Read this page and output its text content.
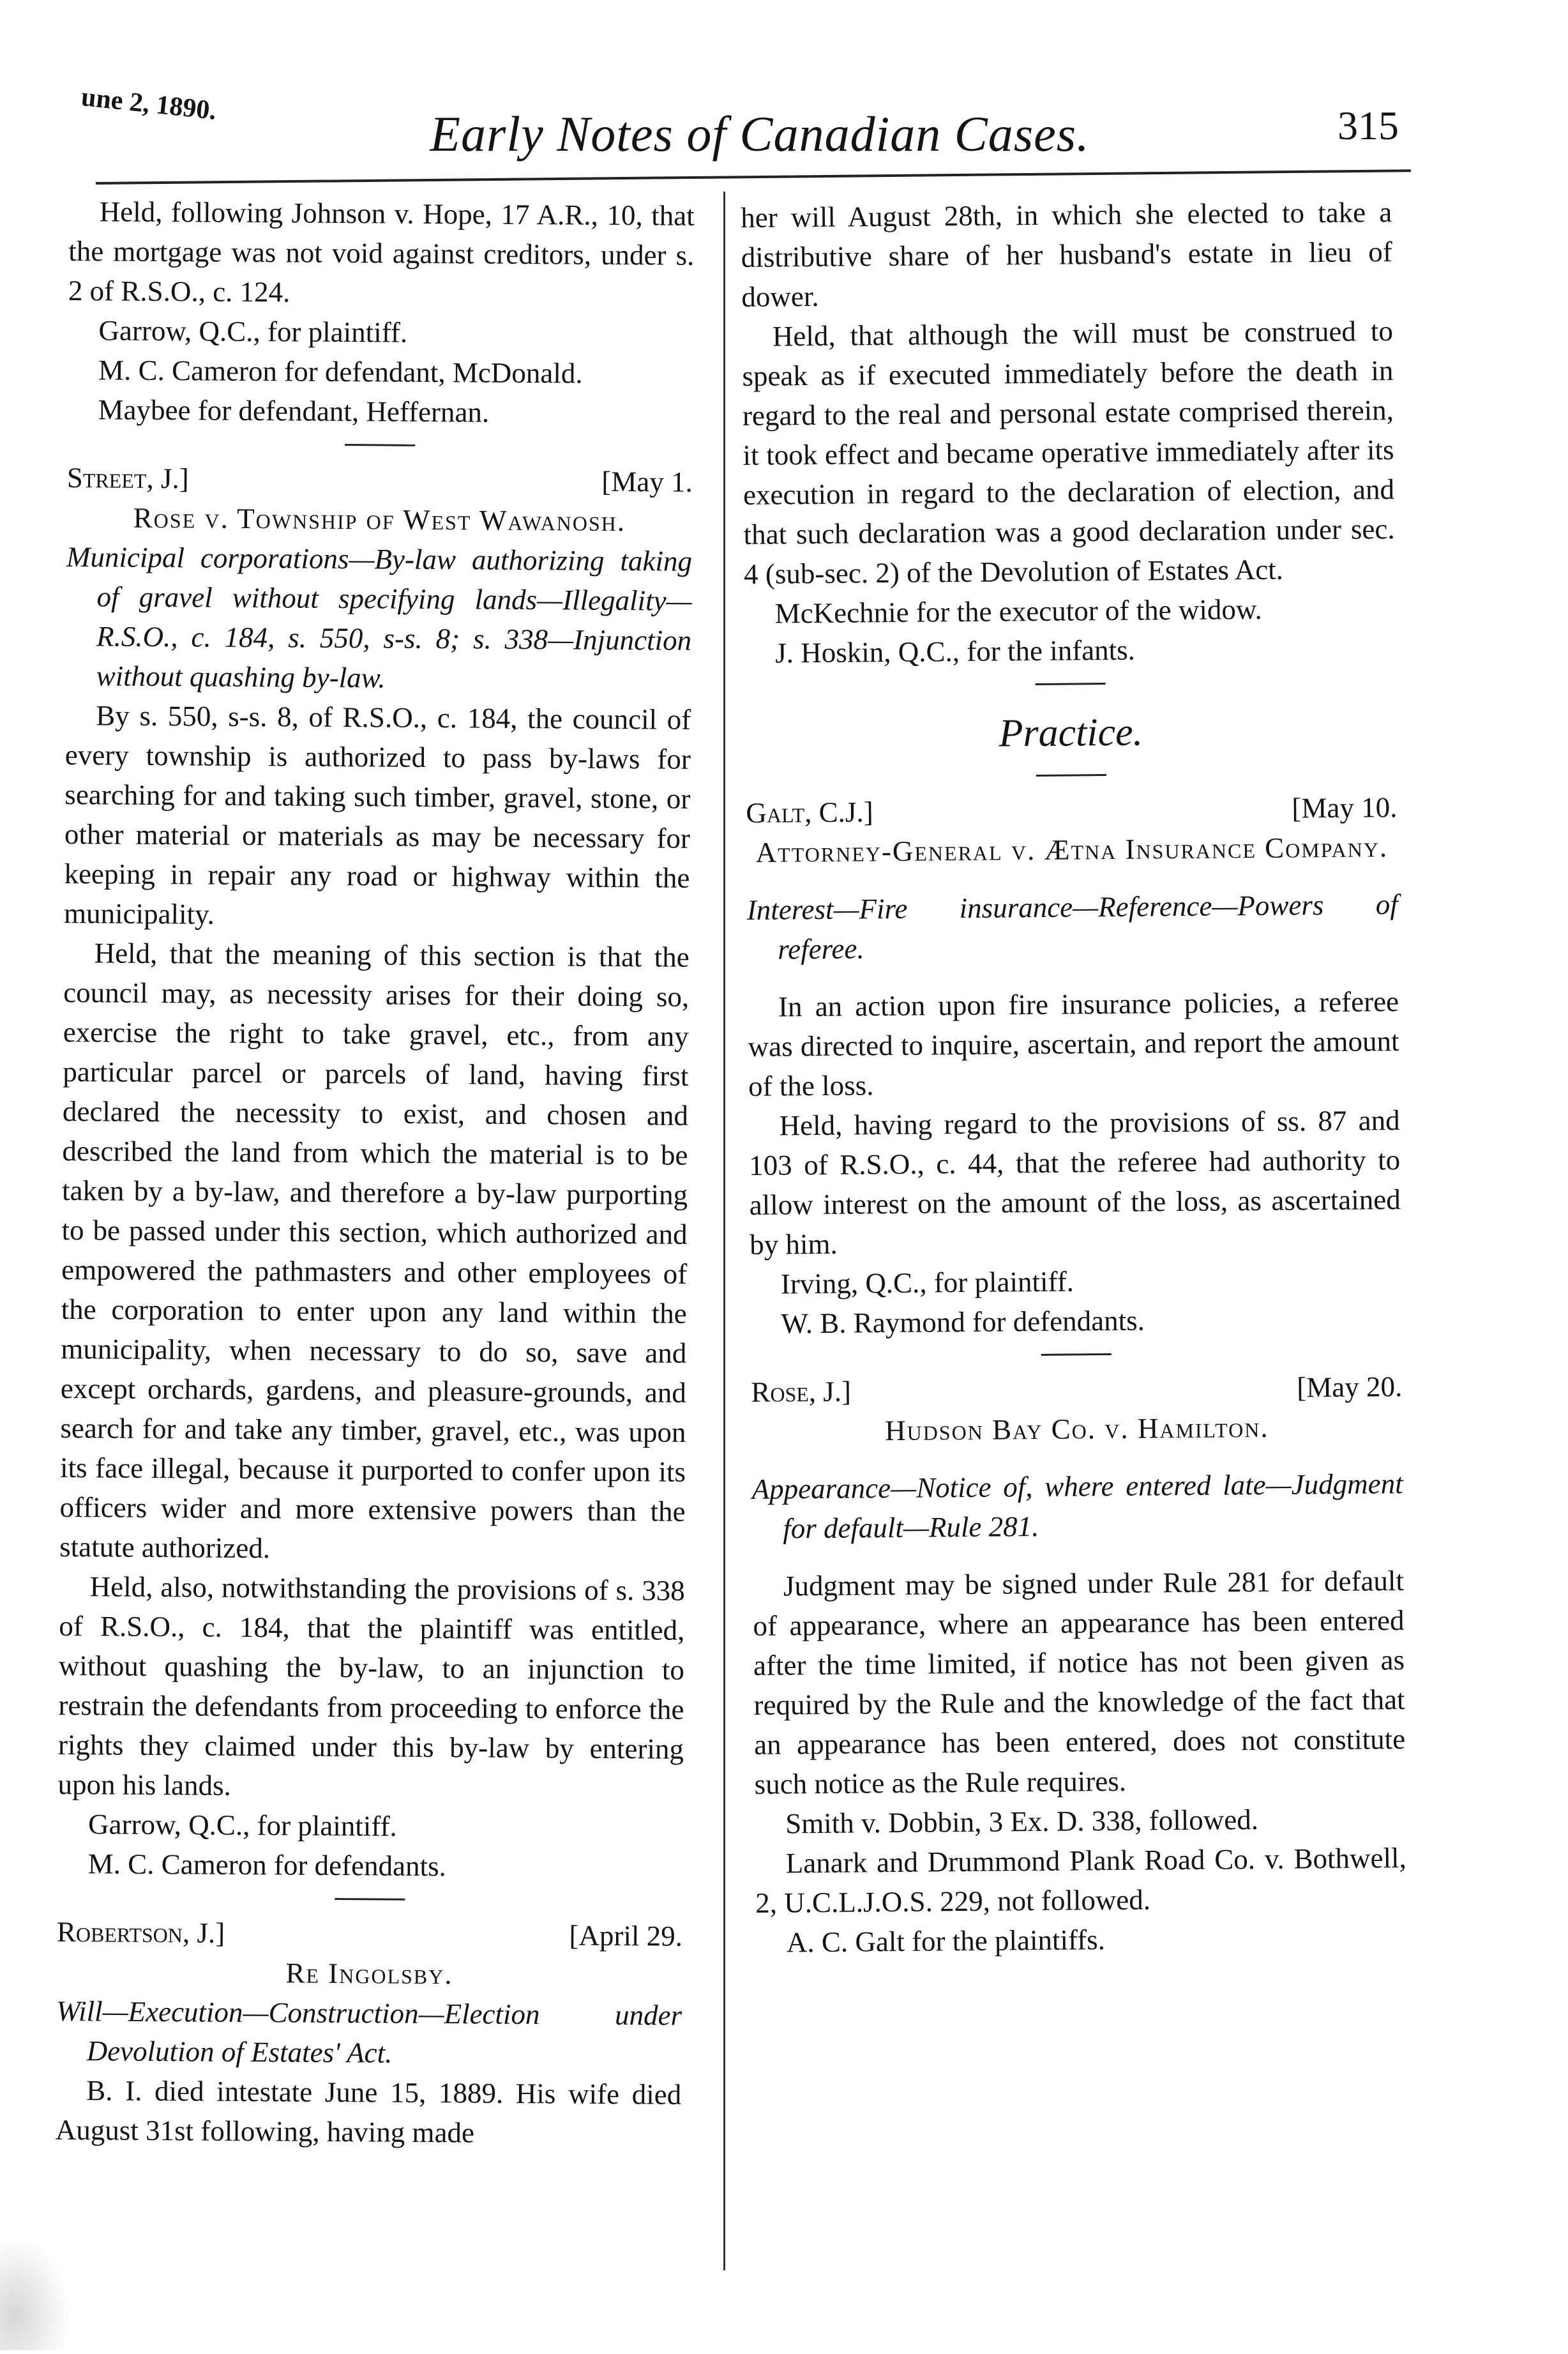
une 2, 1890.
Early Notes of Canadian Cases.	315

Held, following Johnson v. Hope, 17 A.R., 10, that the mortgage was not void against creditors, under s. 2 of R.S.O., c. 124.

Garrow, Q.C., for plaintiff.

M. C. Cameron for defendant, McDonald.

Maybee for defendant, Heffernan.

Street, J.]	[May 1.

Rose v. Township of West Wawanosh.

Municipal corporations—By-law authorizing taking of gravel without specifying lands—Illegality—R.S.O., c. 184, s. 550, s-s. 8; s. 338—Injunction without quashing by-law.

By s. 550, s-s. 8, of R.S.O., c. 184, the council of every township is authorized to pass by-laws for searching for and taking such timber, gravel, stone, or other material or materials as may be necessary for keeping in repair any road or highway within the municipality.

Held, that the meaning of this section is that the council may, as necessity arises for their doing so, exercise the right to take gravel, etc., from any particular parcel or parcels of land, having first declared the necessity to exist, and chosen and described the land from which the material is to be taken by a by-law, and therefore a by-law purporting to be passed under this section, which authorized and empowered the pathmasters and other employees of the corporation to enter upon any land within the municipality, when necessary to do so, save and except orchards, gardens, and pleasure-grounds, and search for and take any timber, gravel, etc., was upon its face illegal, because it purported to confer upon its officers wider and more extensive powers than the statute authorized.

Held, also, notwithstanding the provisions of s. 338 of R.S.O., c. 184, that the plaintiff was entitled, without quashing the by-law, to an injunction to restrain the defendants from proceeding to enforce the rights they claimed under this by-law by entering upon his lands.

Garrow, Q.C., for plaintiff.

M. C. Cameron for defendants.

Robertson, J.]	[April 29.

Re Ingolsby.

Will—Execution—Construction—Election under Devolution of Estates' Act.

B. I. died intestate June 15, 1889. His wife died August 31st following, having made

her will August 28th, in which she elected to take a distributive share of her husband's estate in lieu of dower.

Held, that although the will must be construed to speak as if executed immediately before the death in regard to the real and personal estate comprised therein, it took effect and became operative immediately after its execution in regard to the declaration of election, and that such declaration was a good declaration under sec. 4 (sub-sec. 2) of the Devolution of Estates Act.

McKechnie for the executor of the widow.

J. Hoskin, Q.C., for the infants.

Practice.
Galt, C.J.]	[May 10.

Attorney-General v. Ætna Insurance Company.

Interest—Fire insurance—Reference—Powers of referee.

In an action upon fire insurance policies, a referee was directed to inquire, ascertain, and report the amount of the loss.

Held, having regard to the provisions of ss. 87 and 103 of R.S.O., c. 44, that the referee had authority to allow interest on the amount of the loss, as ascertained by him.

Irving, Q.C., for plaintiff.

W. B. Raymond for defendants.

Rose, J.]	[May 20.

Hudson Bay Co. v. Hamilton.

Appearance—Notice of, where entered late—Judgment for default—Rule 281.

Judgment may be signed under Rule 281 for default of appearance, where an appearance has been entered after the time limited, if notice has not been given as required by the Rule and the knowledge of the fact that an appearance has been entered, does not constitute such notice as the Rule requires.

Smith v. Dobbin, 3 Ex. D. 338, followed.

Lanark and Drummond Plank Road Co. v. Bothwell, 2, U.C.L.J.O.S. 229, not followed.

A. C. Galt for the plaintiffs.
